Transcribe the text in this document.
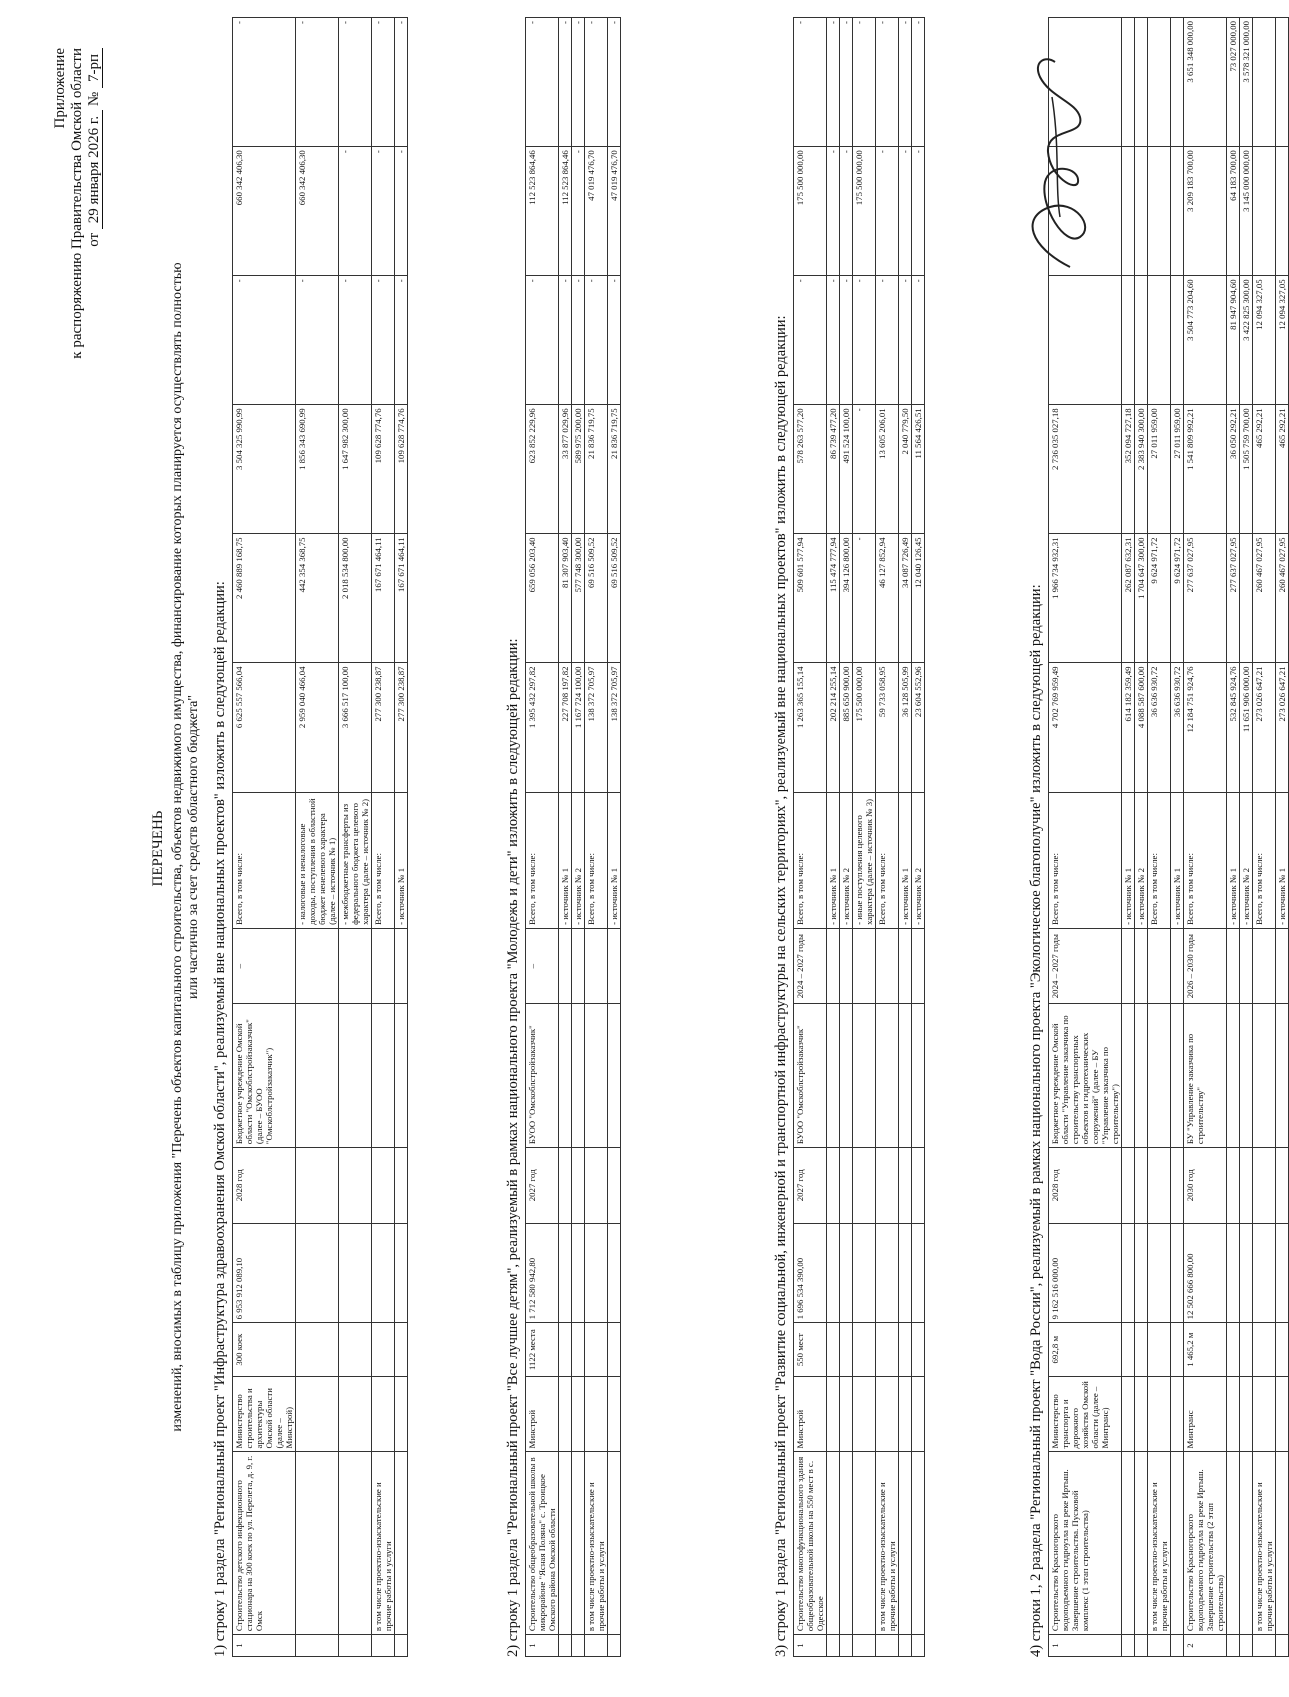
Приложение к распоряжению Правительства Омской области от 29 января 2026 г. № 7-рп
ПЕРЕЧЕНЬ изменений, вносимых в таблицу приложения "Перечень объектов капитального строительства, объектов недвижимого имущества, финансирование которых планируется осуществлять полностью или частично за счет средств областного бюджета" 1) строку 1 раздела "Региональный проект "Инфраструктура здравоохранения Омской области", реализуемый вне национальных проектов" изложить в следующей редакции: 1	Строительство детского инфекционного стационара на 300 коек по ул. Перелета, д. 9, г. Омск	Министерство строительства и архитектуры Омской области (далее – Минстрой)	300 коек	6 953 912 089,10	2028 год	Бюджетное учреждение Омской области "Омскоблстройзаказчик" (далее – БУОО "Омскоблстройзаказчик")	–	Всего, в том числе:	6 625 557 566,04	2 460 889 168,75	3 504 325 990,99	-	660 342 406,30	-
								- налоговые и неналоговые доходы, поступления в областной бюджет ненелевого характера (далее – источник № 1)	2 959 040 466,04	442 354 368,75	1 856 343 690,99	-	660 342 406,30	-
								- межбюджетные трансферты из федерального бюджета целевого характера (далее – источник № 2)	3 666 517 100,00	2 018 534 800,00	1 647 982 300,00	-	-	-
	в том числе проектно-изыскательские и прочие работы и услуги							Всего, в том числе:	277 300 238,87	167 671 464,11	109 628 774,76	-	-	-
								- источник № 1	277 300 238,87	167 671 464,11	109 628 774,76	-	-	-
2) строку 1 раздела "Региональный проект "Все лучшее детям", реализуемый в рамках национального проекта "Молодежь и дети" изложить в следующей редакции: 1	Строительство общеобразовательной школы в микрорайоне "Ясная Поляна" с. Троицкое Омского района Омской области	Минстрой	1122 места	1 712 580 942,80	2027 год	БУОО "Омскоблстройзаказчик"	–	Всего, в том числе:	1 395 432 297,82	659 056 203,40	623 852 229,96	-	112 523 864,46	-
								- источник № 1	227 708 197,82	81 307 903,40	33 877 029,96	-	112 523 864,46	-
								- источник № 2	1 167 724 100,00	577 748 300,00	589 975 200,00	-	-	-
	в том числе проектно-изыскательские и прочие работы и услуги							Всего, в том числе:	138 372 705,97	69 516 509,52	21 836 719,75	-	47 019 476,70	-
								- источник № 1	138 372 705,97	69 516 509,52	21 836 719,75	-	47 019 476,70	-
3) строку 1 раздела "Региональный проект "Развитие социальной, инженерной и транспортной инфраструктуры на сельских территориях", реализуемый вне национальных проектов" изложить в следующей редакции: 1	Строительство многофункционального здания общеобразовательной школы на 550 мест в с. Одесское	Минстрой	550 мест	1 696 534 390,00	2027 год	БУОО "Омскоблстройзаказчик"	2024 – 2027 годы	Всего, в том числе:	1 263 365 155,14	509 601 577,94	578 263 577,20	-	175 500 000,00	-
								- источник № 1	202 214 255,14	115 474 777,94	86 739 477,20	-	-	-
								- источник № 2	885 650 900,00	394 126 800,00	491 524 100,00	-	-	-
								- иные поступления целевого характера (далее – источник № 3)	175 500 000,00	-	-	-	175 500 000,00	-
	в том числе проектно-изыскательские и прочие работы и услуги							Всего, в том числе:	59 733 058,95	46 127 852,94	13 605 206,01	-	-	-
								- источник № 1	36 128 505,99	34 087 726,49	2 040 779,50	-	-	-
								- источник № 2	23 604 552,96	12 040 126,45	11 564 426,51	-	-	-
4) строки 1, 2 раздела "Региональный проект "Вода России", реализуемый в рамках национального проекта "Экологическое благополучие" изложить в следующей редакции: 1	Строительство Красногорского водоподъемного гидроузла на реке Иртыш. Завершение строительства. Пусковой комплекс (1 этап строительства)	Министерство транспорта и дорожного хозяйства Омской области (далее – Минтранс)	692,8 м	9 162 516 000,00	2028 год	Бюджетное учреждение Омской области "Управление заказчика по строительству транспортных объектов и гидротехнических сооружений" (далее – БУ "Управление заказчика по строительству")	2024 – 2027 годы	Всего, в том числе:	4 702 769 959,49	1 966 734 932,31	2 736 035 027,18			
								- источник № 1	614 182 359,49	262 087 632,31	352 094 727,18			
								- источник № 2	4 088 587 600,00	1 704 647 300,00	2 383 940 300,00			
	в том числе проектно-изыскательские и прочие работы и услуги							Всего, в том числе:	36 636 930,72	9 624 971,72	27 011 959,00			
								- источник № 1	36 636 930,72	9 624 971,72	27 011 959,00			
2	Строительство Красногорского водоподъемного гидроузла на реке Иртыш. Завершение строительства (2 этап строительства)	Минтранс	1 465,2 м	12 502 666 800,00	2030 год	БУ "Управление заказчика по строительству"	2026 – 2030 годы	Всего, в том числе:	12 184 751 924,76	277 637 027,95	1 541 809 992,21	3 504 773 204,60	3 209 183 700,00	3 651 348 000,00
								- источник № 1	532 845 924,76	277 637 027,95	36 050 292,21	81 947 904,60	64 183 700,00	73 027 000,00
								- источник № 2	11 651 906 000,00		1 505 759 700,00	3 422 825 300,00	3 145 000 000,00	3 578 321 000,00
	в том числе проектно-изыскательские и прочие работы и услуги							Всего, в том числе:	273 026 647,21	260 467 027,95	465 292,21	12 094 327,05		
								- источник № 1	273 026 647,21	260 467 027,95	465 292,21	12 094 327,05		
